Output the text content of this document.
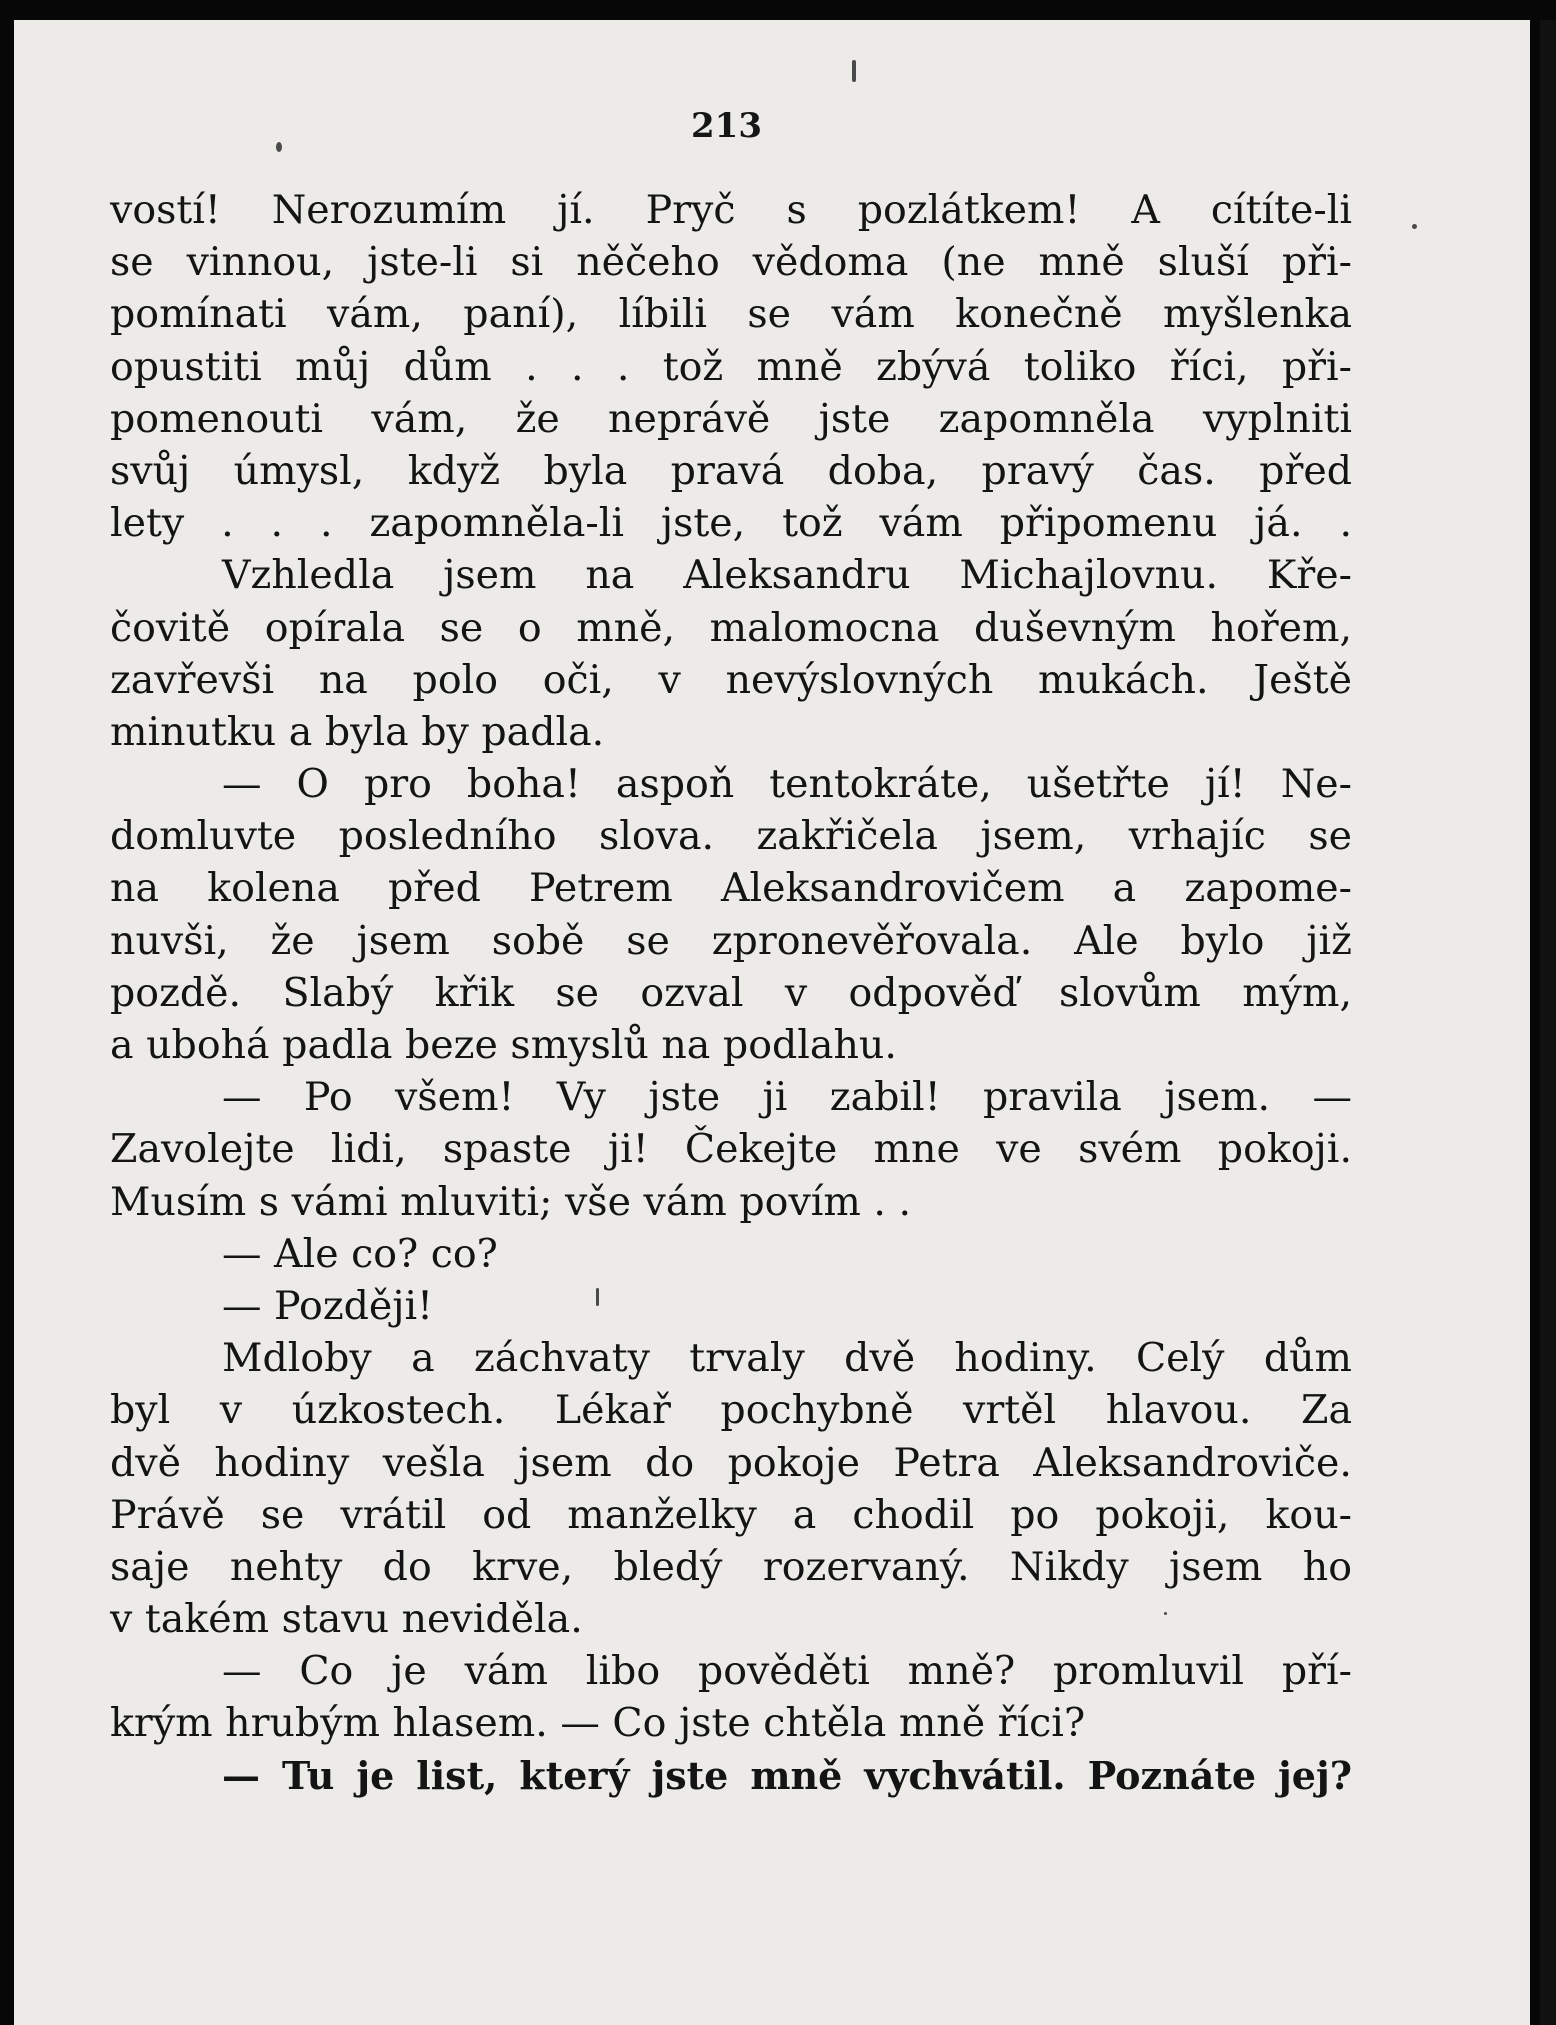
213
vostí! Nerozumím jí. Pryč s pozlátkem! A cítíte-li
se vinnou, jste-li si něčeho vědoma (ne mně sluší při-
pomínati vám, paní), líbili se vám konečně myšlenka
opustiti můj dům . . . tož mně zbývá toliko říci, při-
pomenouti vám, že neprávě jste zapomněla vyplniti
svůj úmysl, když byla pravá doba, pravý čas. před
lety . . . zapomněla-li jste, tož vám připomenu já. .
Vzhledla jsem na Aleksandru Michajlovnu. Kře-
čovitě opírala se o mně, malomocna duševným hořem,
zavřevši na polo oči, v nevýslovných mukách. Ještě
minutku a byla by padla.
— O pro boha! aspoň tentokráte, ušetřte jí! Ne-
domluvte posledního slova. zakřičela jsem, vrhajíc se
na kolena před Petrem Aleksandrovičem a zapome-
nuvši, že jsem sobě se zpronevěřovala. Ale bylo již
pozdě. Slabý křik se ozval v odpověď slovům mým,
a ubohá padla beze smyslů na podlahu.
— Po všem! Vy jste ji zabil! pravila jsem. —
Zavolejte lidi, spaste ji! Čekejte mne ve svém pokoji.
Musím s vámi mluviti; vše vám povím . .
— Ale co? co?
— Později!
Mdloby a záchvaty trvaly dvě hodiny. Celý dům
byl v úzkostech. Lékař pochybně vrtěl hlavou. Za
dvě hodiny vešla jsem do pokoje Petra Aleksandroviče.
Právě se vrátil od manželky a chodil po pokoji, kou-
saje nehty do krve, bledý rozervaný. Nikdy jsem ho
v takém stavu neviděla.
— Co je vám libo pověděti mně? promluvil pří-
krým hrubým hlasem. — Co jste chtěla mně říci?
— Tu je list, který jste mně vychvátil. Poznáte jej?
